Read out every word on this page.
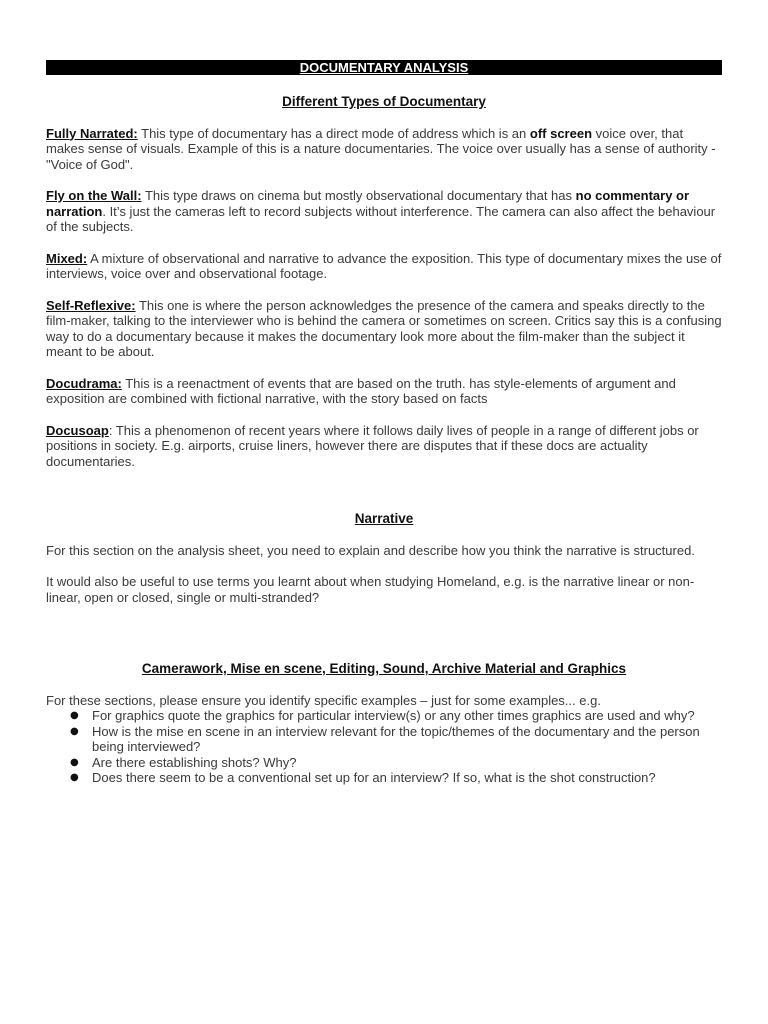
DOCUMENTARY ANALYSIS
Different Types of Documentary

Fully Narrated: This type of documentary has a direct mode of address which is an off screen voice over, that makes sense of visuals. Example of this is a nature documentaries. The voice over usually has a sense of authority - "Voice of God".

Fly on the Wall: This type draws on cinema but mostly observational documentary that has no commentary or narration. It’s just the cameras left to record subjects without interference. The camera can also affect the behaviour of the subjects.

Mixed: A mixture of observational and narrative to advance the exposition. This type of documentary mixes the use of interviews, voice over and observational footage.

Self-Reflexive: This one is where the person acknowledges the presence of the camera and speaks directly to the film-maker, talking to the interviewer who is behind the camera or sometimes on screen. Critics say this is a confusing way to do a documentary because it makes the documentary look more about the film-maker than the subject it meant to be about.

Docudrama: This is a reenactment of events that are based on the truth. has style-elements of argument and exposition are combined with fictional narrative, with the story based on facts

Docusoap: This a phenomenon of recent years where it follows daily lives of people in a range of different jobs or positions in society. E.g. airports, cruise liners, however there are disputes that if these docs are actuality documentaries.

Narrative

For this section on the analysis sheet, you need to explain and describe how you think the narrative is structured.

It would also be useful to use terms you learnt about when studying Homeland, e.g. is the narrative linear or non-linear, open or closed, single or multi-stranded?

Camerawork, Mise en scene, Editing, Sound, Archive Material and Graphics

For these sections, please ensure you identify specific examples – just for some examples... e.g.

● For graphics quote the graphics for particular interview(s) or any other times graphics are used and why?
● How is the mise en scene in an interview relevant for the topic/themes of the documentary and the person being interviewed?
● Are there establishing shots? Why?
● Does there seem to be a conventional set up for an interview? If so, what is the shot construction?
